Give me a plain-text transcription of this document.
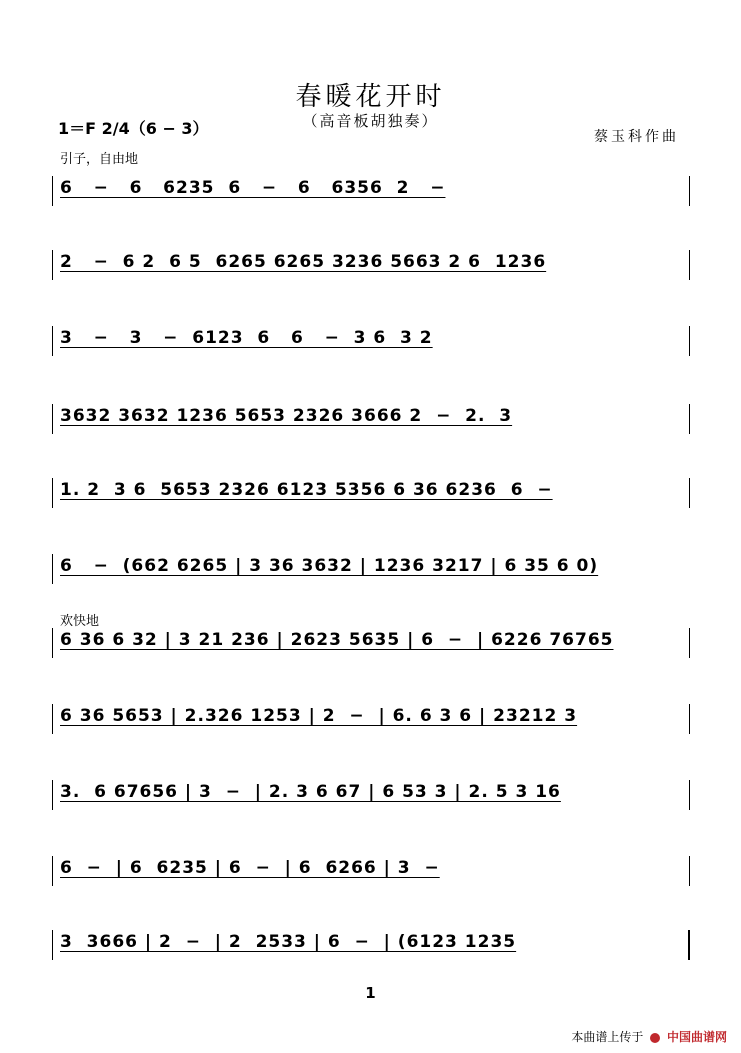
春暖花开时
（高音板胡独奏）
1＝F 2/4（6 − 3）	蔡玉科作曲
引子，自由地
6   −   6   6235  6   −   6   6356  2   −
2   −  6 2  6 5  6265 6265 3236 5663 2 6  1236
3   −   3   −  6123  6   6   −  3 6  3 2
3632 3632 1236 5653 2326 3666 2  −  2.  3
1. 2  3 6  5653 2326 6123 5356 6 36 6236  6  −
6   −  (662 6265 | 3 36 3632 | 1236 3217 | 6 35 6 0)
欢快地
6 36 6 32 | 3 21 236 | 2623 5635 | 6  −  | 6226 76765
6 36 5653 | 2.326 1253 | 2  −  | 6. 6 3 6 | 23212 3
3.  6 67656 | 3  −  | 2. 3 6 67 | 6 53 3 | 2. 5 3 16
6  −  | 6  6235 | 6  −  | 6  6266 | 3  −
3  3666 | 2  −  | 2  2533 | 6  −  | (6123 1235
1
本曲谱上传于 中国曲谱网
